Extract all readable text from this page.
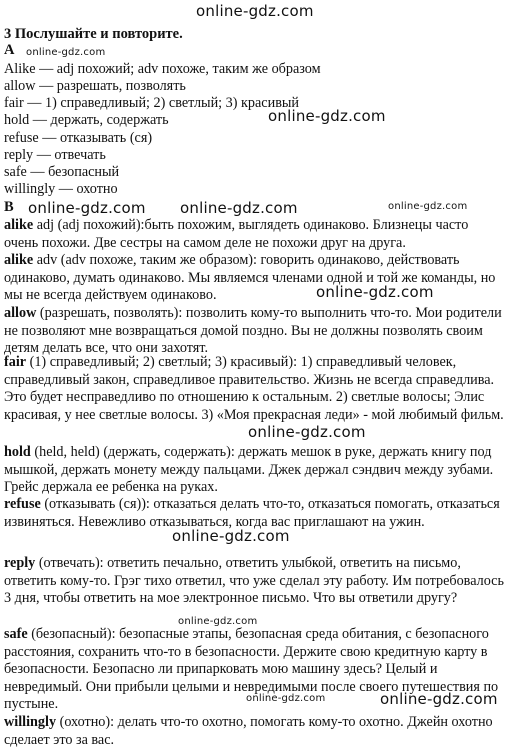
online-gdz.com
online-gdz.com
online-gdz.com
online-gdz.com online-gdz.com	online-gdz.com
online-gdz.com
online-gdz.com
online-gdz.com
online-gdz.com
online-gdz.com	online-gdz.com
3 Послушайте и повторите.
A
Alike — adj похожий; adv похоже, таким же образом
allow — разрешать, позволять
fair — 1) справедливый; 2) светлый; 3) красивый
hold — держать, содержать
refuse — отказывать (ся)
reply — отвечать
safe — безопасный
willingly — охотно
B
alike adj (adj похожий):быть похожим, выглядеть одинаково. Близнецы часто очень похожи. Две сестры на самом деле не похожи друг на друга.
alike adv (adv похоже, таким же образом): говорить одинаково, действовать одинаково, думать одинаково. Мы являемся членами одной и той же команды, но мы не всегда действуем одинаково.
allow (разрешать, позволять): позволить кому-то выполнить что-то. Мои родители не позволяют мне возвращаться домой поздно. Вы не должны позволять своим детям делать все, что они захотят.
fair (1) справедливый; 2) светлый; 3) красивый): 1) справедливый человек, справедливый закон, справедливое правительство. Жизнь не всегда справедлива. Это будет несправедливо по отношению к остальным. 2) светлые волосы; Элис красивая, у нее светлые волосы. 3) «Моя прекрасная леди» - мой любимый фильм.
hold (held, held) (держать, содержать): держать мешок в руке, держать книгу под мышкой, держать монету между пальцами. Джек держал сэндвич между зубами. Грейс держала ее ребенка на руках.
refuse (отказывать (ся)): отказаться делать что-то, отказаться помогать, отказаться извиняться. Невежливо отказываться, когда вас приглашают на ужин.
reply (отвечать): ответить печально, ответить улыбкой, ответить на письмо, ответить кому-то. Грэг тихо ответил, что уже сделал эту работу. Им потребовалось 3 дня, чтобы ответить на мое электронное письмо. Что вы ответили другу?
safe (безопасный): безопасные этапы, безопасная среда обитания, с безопасного расстояния, сохранить что-то в безопасности. Держите свою кредитную карту в безопасности. Безопасно ли припарковать мою машину здесь? Целый и невредимый. Они прибыли целыми и невредимыми после своего путешествия по пустыне.
willingly (охотно): делать что-то охотно, помогать кому-то охотно. Джейн охотно сделает это за вас.
